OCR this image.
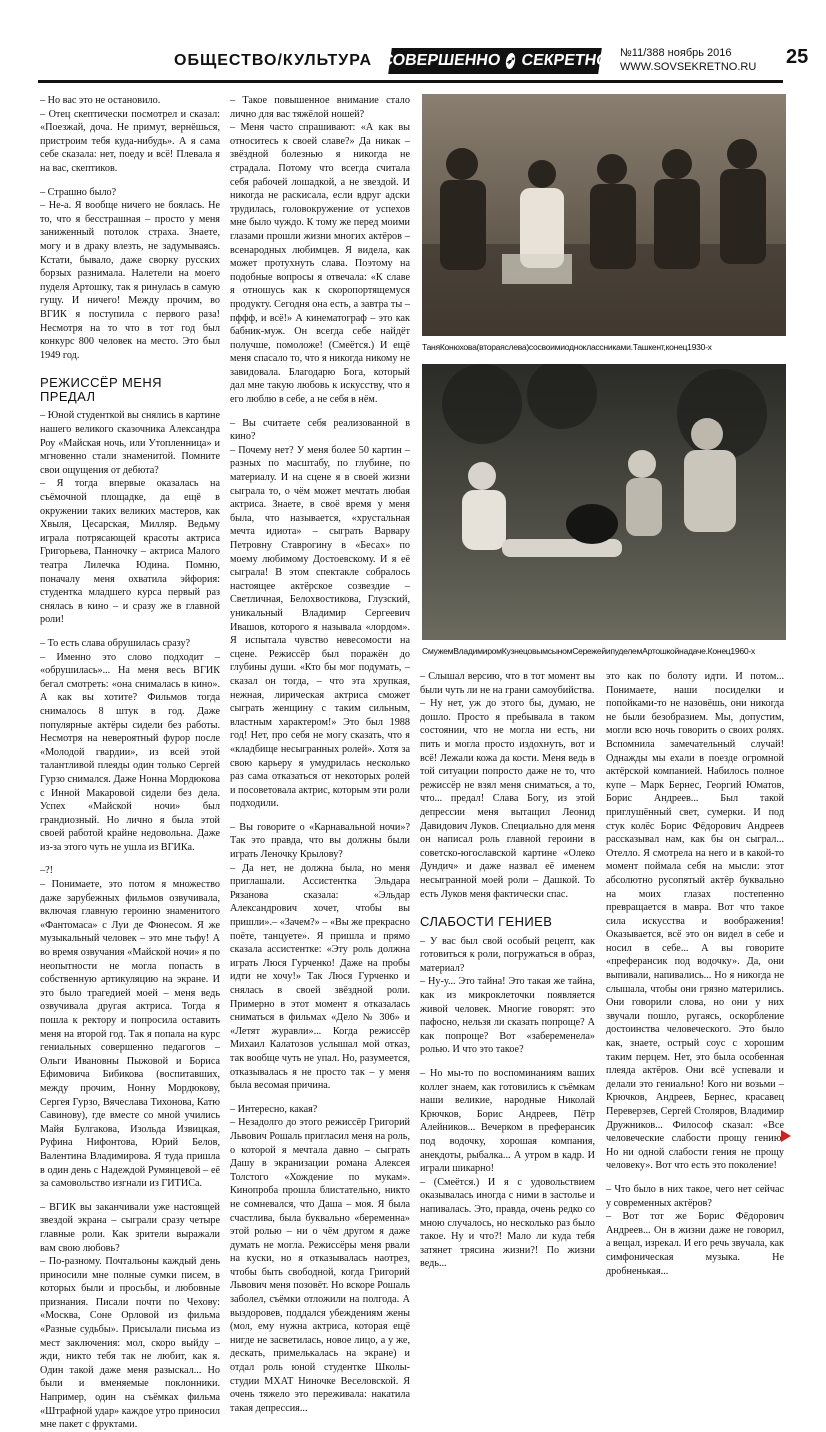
ОБЩЕСТВО/КУЛЬТУРА СОВЕРШЕННО ➶ СЕКРЕТНО №11/388 ноябрь 2016
WWW.SOVSEKRETNO.RU 25

– Но вас это не остановило.

– Отец скептически посмотрел и сказал: «Поезжай, доча. Не примут, вернёшься, пристроим тебя куда-нибудь». А я сама себе сказала: нет, поеду и всё! Плевала я на вас, скептиков.

– Страшно было?

– Не-а. Я вообще ничего не боялась. Не то, что я бесстрашная – просто у меня заниженный потолок страха. Знаете, могу и в драку влезть, не задумываясь. Кстати, бывало, даже сворку русских борзых разнимала. Налетели на моего пуделя Артошку, так я ринулась в самую гущу. И ничего! Между прочим, во ВГИК я поступила с первого раза! Несмотря на то что в тот год был конкурс 800 человек на место. Это был 1949 год.

РЕЖИССЁР МЕНЯ ПРЕДАЛ

– Юной студенткой вы снялись в картине нашего великого сказочника Александра Роу «Майская ночь, или Утопленница» и мгновенно стали знаменитой. Помните свои ощущения от дебюта?

– Я тогда впервые оказалась на съёмочной площадке, да ещё в окружении таких великих мастеров, как Хвыля, Цесарская, Милляр. Ведьму играла потрясающей красоты актриса Григорьева, Панночку – актриса Малого театра Лилечка Юдина. Помню, поначалу меня охватила эйфория: студентка младшего курса первый раз снялась в кино – и сразу же в главной роли!

– То есть слава обрушилась сразу?

– Именно это слово подходит – «обрушилась»... На меня весь ВГИК бегал смотреть: «она снималась в кино». А как вы хотите? Фильмов тогда снималось 8 штук в год. Даже популярные актёры сидели без работы. Несмотря на невероятный фурор после «Молодой гвардии», из всей этой талантливой плеяды один только Сергей Гурзо снимался. Даже Нонна Мордюкова с Инной Макаровой сидели без дела. Успех «Майской ночи» был грандиозный. Но лично я была этой своей работой крайне недовольна. Даже из-за этого чуть не ушла из ВГИКа.

–?!

– Понимаете, это потом я множество даже зарубежных фильмов озвучивала, включая главную героиню знаменитого «Фантомаса» с Луи де Фюнесом. Я же музыкальный человек – это мне тьфу! А во время озвучания «Майской ночи» я по неопытности не могла попасть в собственную артикуляцию на экране. И это было трагедией моей – меня ведь озвучивала другая актриса. Тогда я пошла к ректору и попросила оставить меня на второй год. Так я попала на курс гениальных совершенно педагогов – Ольги Ивановны Пыжовой и Бориса Ефимовича Бибикова (воспитавших, между прочим, Нонну Мордюкову, Сергея Гурзо, Вячеслава Тихонова, Катю Савинову), где вместе со мной учились Майя Булгакова, Изольда Извицкая, Руфина Нифонтова, Юрий Белов, Валентина Владимирова. Я туда пришла в один день с Надеждой Румянцевой – её за самовольство изгнали из ГИТИСа.

– ВГИК вы заканчивали уже настоящей звездой экрана – сыграли сразу четыре главные роли. Как зрители выражали вам свою любовь?

– По-разному. Почтальоны каждый день приносили мне полные сумки писем, в которых были и просьбы, и любовные признания. Писали почти по Чехову: «Москва, Соне Орловой из фильма «Разные судьбы». Присылали письма из мест заключения: мол, скоро выйду – жди, никто тебя так не любит, как я. Один такой даже меня разыскал... Но были и вменяемые поклонники. Например, один на съёмках фильма «Штрафной удар» каждое утро приносил мне пакет с фруктами.

– Такое повышенное внимание стало лично для вас тяжёлой ношей?

– Меня часто спрашивают: «А как вы относитесь к своей славе?» Да никак – звёздной болезнью я никогда не страдала. Потому что всегда считала себя рабочей лошадкой, а не звездой. И никогда не раскисала, если вдруг адски трудилась, головокружение от успехов мне было чуждо. К тому же перед моими глазами прошли жизни многих актёров – всенародных любимцев. Я видела, как может протухнуть слава. Поэтому на подобные вопросы я отвечала: «К славе я отношусь как к скоропортящемуся продукту. Сегодня она есть, а завтра ты – пффф, и всё!» А кинематограф – это как бабник-муж. Он всегда себе найдёт получше, помоложе! (Смеётся.) И ещё меня спасало то, что я никогда никому не завидовала. Благодарю Бога, который дал мне такую любовь к искусству, что я его люблю в себе, а не себя в нём.

– Вы считаете себя реализованной в кино?

– Почему нет? У меня более 50 картин – разных по масштабу, по глубине, по материалу. И на сцене я в своей жизни сыграла то, о чём может мечтать любая актриса. Знаете, в своё время у меня была, что называется, «хрустальная мечта идиота» – сыграть Варвару Петровну Ставрогину в «Бесах» по моему любимому Достоевскому. И я её сыграла! В этом спектакле собралось настоящее актёрское созвездие – Светличная, Белохвостикова, Глузский, уникальный Владимир Сергеевич Ивашов, которого я называла «лордом». Я испытала чувство невесомости на сцене. Режиссёр был поражён до глубины души. «Кто бы мог подумать, – сказал он тогда, – что эта хрупкая, нежная, лирическая актриса сможет сыграть женщину с таким сильным, властным характером!» Это был 1988 год! Нет, про себя не могу сказать, что я «кладбище несыгранных ролей». Хотя за свою карьеру я умудрилась несколько раз сама отказаться от некоторых ролей и посоветовала актрис, которым эти роли подходили.

– Вы говорите о «Карнавальной ночи»? Так это правда, что вы должны были играть Леночку Крылову?

– Да нет, не должна была, но меня приглашали. Ассистентка Эльдара Рязанова сказала: «Эльдар Александрович хочет, чтобы вы пришли».– «Зачем?» – «Вы же прекрасно поёте, танцуете». Я пришла и прямо сказала ассистентке: «Эту роль должна играть Люся Гурченко! Даже на пробы идти не хочу!» Так Люся Гурченко и снялась в своей звёздной роли. Примерно в этот момент я отказалась сниматься в фильмах «Дело № 306» и «Летят журавли»... Когда режиссёр Михаил Калатозов услышал мой отказ, так вообще чуть не упал. Но, разумеется, отказывалась я не просто так – у меня была весомая причина.

– Интересно, какая?

– Незадолго до этого режиссёр Григорий Львович Рошаль пригласил меня на роль, о которой я мечтала давно – сыграть Дашу в экранизации романа Алексея Толстого «Хождение по мукам». Кинопроба прошла блистательно, никто не сомневался, что Даша – моя. Я была счастлива, была буквально «беременна» этой ролью – ни о чём другом я даже думать не могла. Режиссёры меня рвали на куски, но я отказывалась наотрез, чтобы быть свободной, когда Григорий Львович меня позовёт. Но вскоре Рошаль заболел, съёмки отложили на полгода. А выздоровев, поддался убеждениям жены (мол, ему нужна актриса, которая ещё нигде не засветилась, новое лицо, а у же, дескать, примелькалась на экране) и отдал роль юной студентке Школы-студии МХАТ Ниночке Веселовской. Я очень тяжело это переживала: накатила такая депрессия...

ТаняКонюхова(втораяслева)сосвоимиодноклассниками.Ташкент,конец1930-х
СмужемВладимиромКузнецовымсыномСережейипуделемАртошкойнадаче.Конец1960-х

– Слышал версию, что в тот момент вы были чуть ли не на грани самоубийства.

– Ну нет, уж до этого бы, думаю, не дошло. Просто я пребывала в таком состоянии, что не могла ни есть, ни пить и могла просто издохнуть, вот и всё! Лежали кожа да кости. Меня ведь в той ситуации попросто даже не то, что режиссёр не взял меня сниматься, а то, что... предал! Слава Богу, из этой депрессии меня вытащил Леонид Давидович Луков. Специально для меня он написал роль главной героини в советско-югославской картине «Олеко Дундич» и даже назвал её именем несыгранной моей роли – Дашкой. То есть Луков меня фактически спас.

СЛАБОСТИ ГЕНИЕВ

– У вас был свой особый рецепт, как готовиться к роли, погружаться в образ, материал?

– Ну-у... Это тайна! Это такая же тайна, как из микроклеточки появляется живой человек. Многие говорят: это пафосно, нельзя ли сказать попроще? А как попроще? Вот «забеременела» ролью. И что это такое?

– Но мы-то по воспоминаниям ваших коллег знаем, как готовились к съёмкам наши великие, народные Николай Крючков, Борис Андреев, Пётр Алейников... Вечерком в преферансик под водочку, хорошая компания, анекдоты, рыбалка... А утром в кадр. И играли шикарно!

– (Смеётся.) И я с удовольствием оказывалась иногда с ними в застолье и напивалась. Это, правда, очень редко со мною случалось, но несколько раз было такое. Ну и что?! Мало ли куда тебя затянет трясина жизни?! По жизни ведь...

это как по болоту идти. И потом... Понимаете, наши посиделки и попойками-то не назовёшь, они никогда не были безобразием. Мы, допустим, могли всю ночь говорить о своих ролях. Вспомнила замечательный случай! Однажды мы ехали в поезде огромной актёрской компанией. Набилось полное купе – Марк Бернес, Георгий Юматов, Борис Андреев... Был такой приглушённый свет, сумерки. И под стук колёс Борис Фёдорович Андреев рассказывал нам, как бы он сыграл... Отелло. Я смотрела на него и в какой-то момент поймала себя на мысли: этот абсолютно русопятый актёр буквально на моих глазах постепенно превращается в мавра. Вот что такое сила искусства и воображения! Оказывается, всё это он видел в себе и носил в себе... А вы говорите «преферансик под водочку». Да, они выпивали, напивались... Но я никогда не слышала, чтобы они грязно матерились. Они говорили слова, но они у них звучали пошло, ругаясь, оскорбление достоинства человеческого. Это было как, знаете, острый соус с хорошим таким перцем. Нет, это была особенная плеяда актёров. Они всё успевали и делали это гениально! Кого ни возьми – Крючков, Андреев, Бернес, красавец Переверзев, Сергей Столяров, Владимир Дружников... Философ сказал: «Все человеческие слабости прощу гению. Но ни одной слабости гения не прощу человеку». Вот что есть это поколение!

– Что было в них такое, чего нет сейчас у современных актёров?

– Вот тот же Борис Фёдорович Андреев... Он в жизни даже не говорил, а вещал, изрекал. И его речь звучала, как симфоническая музыка. Не дробненькая...
